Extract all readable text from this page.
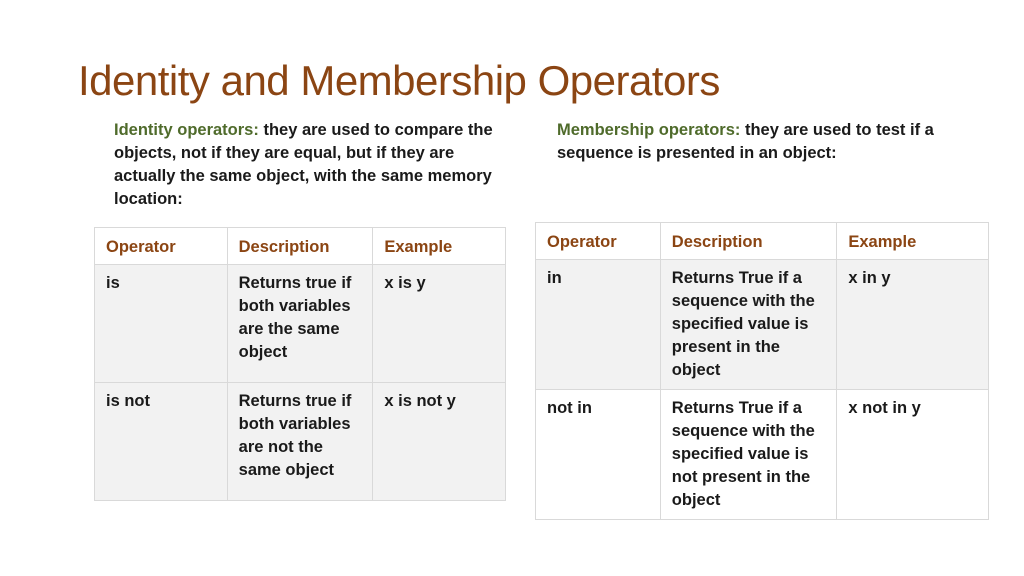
Identity and Membership Operators
Identity operators: they are used to compare the objects, not if they are equal, but if they are actually the same object, with the same memory location:
Membership operators: they are used to test if a sequence is presented in an object:
Operator	Description	Example
is	Returns true if both variables are the same object	x is y
is not	Returns true if both variables are not the same object	x is not y
Operator	Description	Example
in	Returns True if a sequence with the specified value is present in the object	x in y
not in	Returns True if a sequence with the specified value is not present in the object	x not in y
